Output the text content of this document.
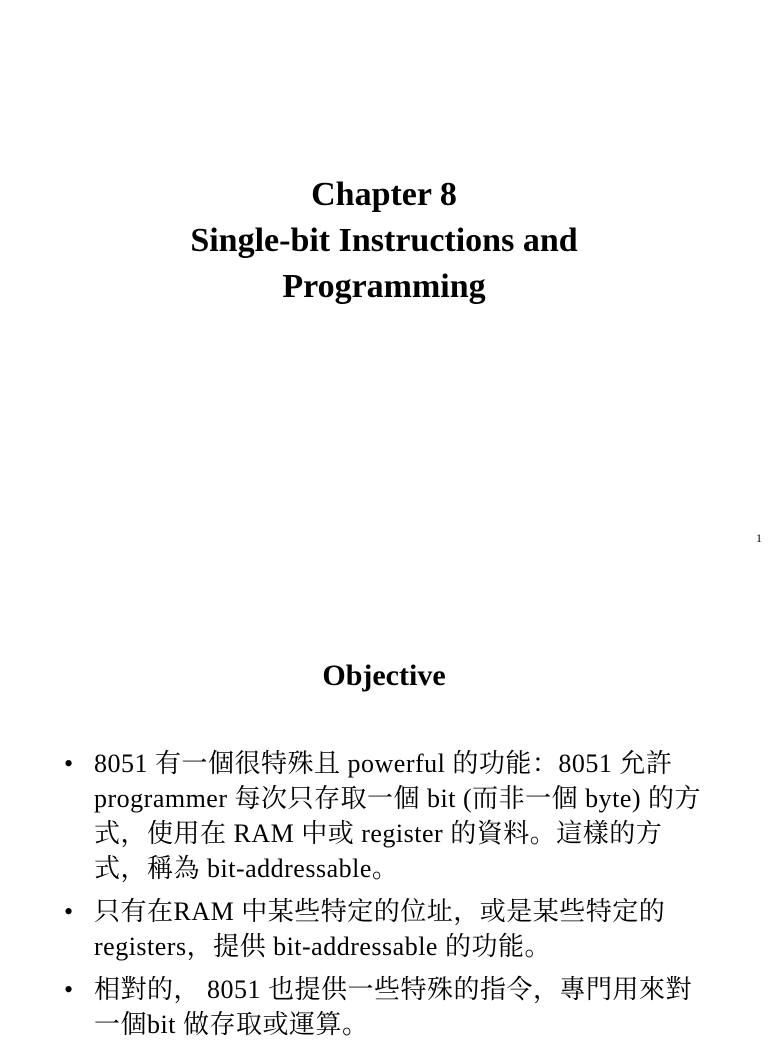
Chapter 8
Single-bit Instructions and
Programming
1
Objective
• 8051 有一個很特殊且 powerful 的功能：8051 允許 programmer 每次只存取一個 bit (而非一個 byte) 的方式，使用在 RAM 中或 register 的資料。這樣的方式，稱為 bit-addressable。
• 只有在RAM 中某些特定的位址，或是某些特定的 registers，提供 bit-addressable 的功能。
• 相對的， 8051 也提供一些特殊的指令，專門用來對一個bit 做存取或運算。
